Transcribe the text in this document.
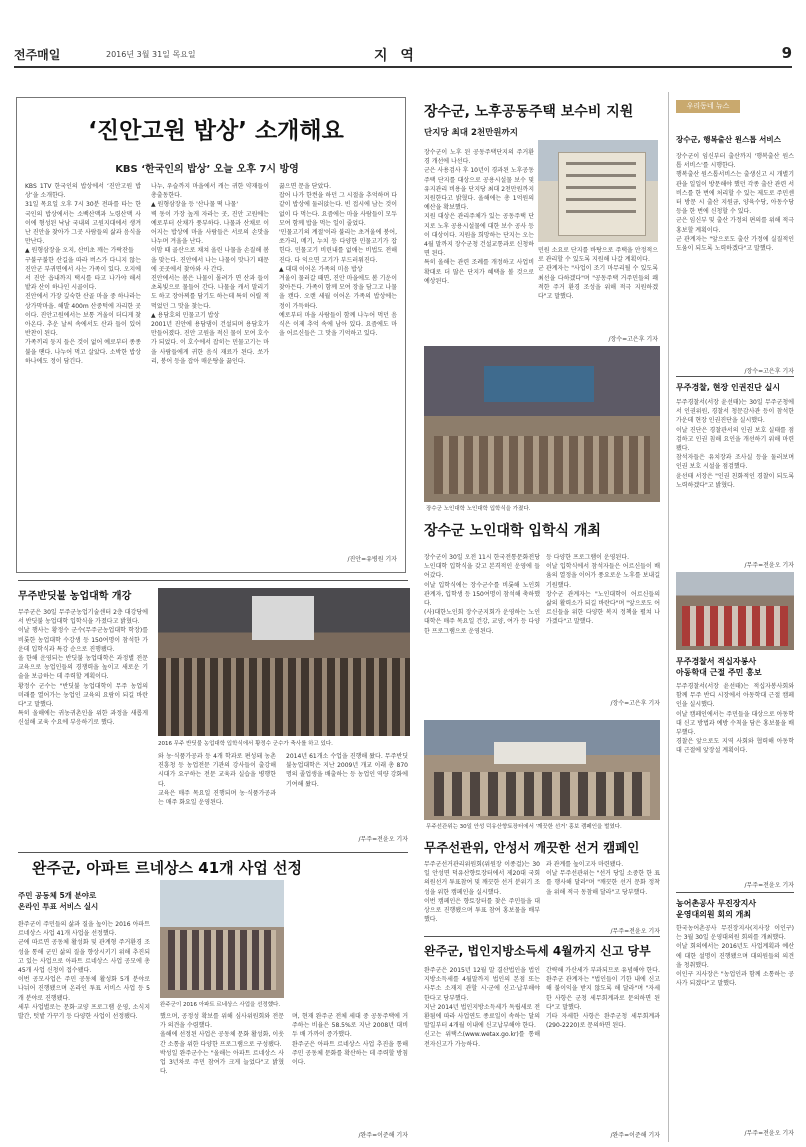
전주매일	2016년 3월 31일 목요일	지 역	9
‘진안고원 밥상’ 소개해요
KBS ‘한국인의 밥상’ 오늘 오후 7시 방영
KBS 1TV 한국인의 밥상에서 ‘진안고원 밥상’을 소개한다.
31일 목요일 오후 7시 30분 전파를 타는 한국인의 밥상에서는 소백산맥과 노령산맥 사이에 형성된 낙남 국내의 고원지대에서 생겨난 진안을 찾아가 그곳 사람들의 삶과 음식을 만난다.
▲ 원형삼장을 오지, 산비초 깨는 가락잔들
구불구불한 산길을 따라 버스가 다니지 않는 진안군 부귀면에서 사는 가족이 있다. 오지에서 진안 읍내까지 택시를 타고 나가야 해서 밭과 산이 하나인 시골이다.
진안에서 가장 깊숙한 산골 마을 중 하나라는 상가막마을. 해발 400m 산중턱에 자리한 곳이다. 진안고원에서는 보통 겨울이 더디게 찾아온다. 추운 날씨 속에서도 산과 들이 있어 반찬이 된다.
가족끼리 둥지 들은 것이 없어 예로부터 종종 불을 땐다. 나누어 먹고 살았다. 소박한 밥상 하나에도 정이 담긴다.
나누, 우슬까지 마을에서 캐는 귀한 약재들이 총출동한다.
▲ 원형삼장을 등 '산나물 떡 나물'
벽 동이 가장 높게 자라는 곳, 진안 고원에는 예로부터 산채가 풍부하다. 나물과 산채로 이어지는 밥상에 마을 사람들은 서로의 손맛을 나누며 겨울을 난다.
이맘 때 골산으로 채쳐 올린 나물을 손질해 봄을 맞는다. 진안에서 나는 나물이 맛나기 때문에 곳곳에서 찾아와 사 간다.
진안에서는 봄은 나물이 몰려가 면 산과 들이 초록빛으로 물들어 간다. 나물을 캐서 말리기도 하고 장아찌를 담기도 하는데 특히 어릴 적 먹었던 그 맛을 찾는다.
▲ 용담호의 민물고기 밥상
2001년 진안에 용담댐이 건설되며 용담호가 만들어졌다. 진안 고원을 적신 물이 모여 호수가 되었다. 이 호수에서 잡히는 민물고기는 마을 사람들에게 귀한 음식 재료가 된다. 쏘가리, 붕어 등을 잡아 매운탕을 끓인다.
끓으면 문을 닫았다.
잡어 나가 한켠을 하던 그 시절을 추억하며 다같이 밥상에 둘러앉는다. 빈 접시에 남는 것이 없이 다 먹는다. 요즘에는 마을 사람들이 모두 모여 함께 밥을 먹는 일이 줄었다.
'민물고기의 계절'이라 불리는 초겨울에 붕어, 쏘가리, 메기, 누치 등 다양한 민물고기가 잡힌다. 민물고기 비린내를 없애는 비법도 전해진다. 다 익으면 고기가 부드러워진다.
▲ 대대 이어온 가족의 미음 밥상
겨울이 물러갈 때면, 진안 마을에도 봄 기운이 찾아든다. 가족이 함께 모여 장을 담그고 나물을 캔다. 오랜 세월 이어온 가족의 밥상에는 정이 가득하다.
예로부터 마을 사람들이 함께 나누어 먹던 음식은 이제 추억 속에 남아 있다. 요즘에도 마을 어르신들은 그 맛을 기억하고 있다.
/진안=유병원 기자
장수군, 노후공동주택 보수비 지원
단지당 최대 2천만원까지
장수군이 노후 된 공동주택단지의 주거환경 개선에 나선다.
군은 사용검사 후 10년이 경과된 노후공동주택 단지를 대상으로 공용시설물 보수 및 유지관리 비용을 단지당 최대 2천만원까지 지원한다고 밝혔다. 올해에는 총 1억원의 예산을 확보했다.
지원 대상은 관리주체가 있는 공동주택 단지로 노후 공용시설물에 대한 보수 공사 등이 대상이다. 지원을 희망하는 단지는 오는 4월 말까지 장수군청 건설교통과로 신청하면 된다.
특히 올해는 관련 조례를 개정하고 사업비 확대로 더 많은 단지가 혜택을 볼 것으로 예상된다.
민원 소요로 단지를 바탕으로 주택을 안정적으로 관리할 수 있도록 지원해 나갈 계획이다.
군 관계자는 "사업이 조기 마무리될 수 있도록 최선을 다하겠다"며 "공동주택 거주민들의 쾌적한 주거 환경 조성을 위해 적극 지원하겠다"고 말했다.
/장수=고은후 기자
장수군 노인대학 노인대학 입학식을 가졌다.
장수군 노인대학 입학식 개최
장수군이 30일 오전 11시 한국전통문화전당 노인대학 입학식을 갖고 본격적인 운영에 들어갔다.
이날 입학식에는 장수군수를 비롯해 노인회 관계자, 입학생 등 150여명이 참석해 축하했다.
(사)대한노인회 장수군지회가 운영하는 노인대학은 매주 목요일 건강, 교양, 여가 등 다양한 프로그램으로 운영된다.
등 다양한 프로그램이 운영된다.
이날 입학식에서 참석자들은 어르신들이 배움의 열정을 이어가 풍요로운 노후를 보내길 기원했다.
장수군 관계자는 "노인대학이 어르신들의 삶의 활력소가 되길 바란다"며 "앞으로도 어르신들을 위한 다양한 복지 정책을 펼쳐 나가겠다"고 말했다.
/장수=고은후 기자
무주반딧불 농업대학 개강
무주군은 30일 무주군농업기술센터 2층 대강당에서 반딧불 농업대학 입학식을 가졌다고 밝혔다.
이날 행사는 황정수 군수(무주군농업대학 학장)를 비롯한 농업대학 수강생 등 150여명이 참석한 가운데 입학식과 특강 순으로 진행됐다.
올 한해 운영되는 반딧불 농업대학은 과정별 전문 교육으로 농업인들의 경쟁력을 높이고 새로운 기술을 보급하는 데 주력할 계획이다.
황정수 군수는 "반딧불 농업대학이 무주 농업의 미래를 열어가는 농업인 교육의 요람이 되길 바란다"고 말했다.
특히 올해에는 귀농귀촌인을 위한 과정을 새롭게 신설해 교육 수요에 부응하기로 했다.
2016 무주 반딧불 농업대학 입학식에서 황정수 군수가 축사를 하고 있다.
와 농·식품가공과 등 4개 학과로 편성돼 농촌진흥청 등 농업전문 기관의 강사들이 출강해 시대가 요구하는 전문 교육과 실습을 병행한다.
교육은 매주 목요일 진행되며 농·식품가공과는 매주 화요일 운영된다.
2014년 61개소 수업을 진행해 왔다. 무주반딧불농업대학은 지난 2009년 개교 이래 총 870명의 졸업생을 배출하는 등 농업인 역량 강화에 기여해 왔다.
/무주=전윤오 기자
완주군, 아파트 르네상스 41개 사업 선정
주민 공동체 5개 분야로
온라인 투표 서비스 실시
완주군이 주민들의 삶과 질을 높이는 2016 아파트 르네상스 사업 41개 사업을 선정했다.
군에 따르면 공동체 활성화 및 관계형 주거환경 조성을 통해 군민 삶의 질을 향상시키기 위해 추진되고 있는 사업으로 아파트 르네상스 사업 공모에 총 45개 사업 신청이 접수됐다.
이번 공모사업은 주민 공동체 활성화 5개 분야로 나뉘어 진행됐으며 온라인 투표 서비스 사업 등 5개 분야로 진행됐다.
세부 사업별로는 문화·교양 프로그램 운영, 소식지 발간, 텃밭 가꾸기 등 다양한 사업이 선정됐다.
완주군이 2016 아파트 르네상스 사업을 선정했다.
했으며, 공정성 확보를 위해 심사위원회와 전문가 의견을 수렴했다.
올해에 선정된 사업은 공동체 문화 활성화, 이웃 간 소통을 위한 다양한 프로그램으로 구성됐다.
박성일 완주군수는 "올해는 아파트 르네상스 사업 3년차로 주민 참여가 크게 늘었다"고 밝혔다.
며, 현재 완주군 전체 세대 중 공동주택에 거주하는 비율은 58.5%로 지난 2008년 대비 두 배 가까이 증가했다.
완주군은 아파트 르네상스 사업 추진을 통해 주민 공동체 문화를 확산하는 데 주력할 방침이다.
/완주=이준해 기자
무주선관위는 30일 안성 덕유산향토장터에서 '깨끗한 선거' 홍보 캠페인을 벌였다.
무주선관위, 안성서 깨끗한 선거 캠페인
무주군선거관리위원회(위원장 이종걸)는 30일 안성면 덕유산향토장터에서 제20대 국회의원선거 투표참여 및 깨끗한 선거 분위기 조성을 위한 캠페인을 실시했다.
이번 캠페인은 향토장터를 찾은 주민들을 대상으로 진행됐으며 투표 참여 홍보물을 배부했다.
과 관계를 높이고자 마련됐다.
이날 무주선관위는 "선거 당일 소중한 한 표를 행사해 달라"며 "깨끗한 선거 문화 정착을 위해 적극 동참해 달라"고 당부했다.
/무주=전윤오 기자
완주군, 법인지방소득세 4월까지 신고 당부
완주군은 2015년 12월 말 결산법인을 법인지방소득세를 4월말까지 법인의 본점 또는 사무소 소재지 관할 시·군에 신고·납부해야 한다고 당부했다.
지난 2014년 법인지방소득세가 독립세로 전환됨에 따라 사업연도 종료일이 속하는 달의 말일부터 4개월 이내에 신고납부해야 한다.
신고는 위택스(www.wetax.go.kr)를 통해 전자신고가 가능하다.
간략해 가산세가 부과되므로 유념해야 한다.
완주군 관계자는 "법인들이 기한 내에 신고해 불이익을 받지 않도록 해 달라"며 "자세한 사항은 군청 세무회계과로 문의하면 된다"고 말했다.
기타 자세한 사항은 완주군청 세무회계과(290-2220)로 문의하면 된다.
/완주=이준해 기자
우리동네 뉴스
장수군, 행복출산 원스톱 서비스
장수군이 임신부터 출산까지 '행복출산 원스톱 서비스'를 시행한다.
행복출산 원스톱서비스는 출생신고 시 개별기관을 일일이 방문해야 했던 각종 출산 관련 서비스를 한 번에 처리할 수 있는 제도로 주민센터 방문 시 출산 지원금, 양육수당, 아동수당 등을 한 번에 신청할 수 있다.
군은 임신부 및 출산 가정의 편의를 위해 적극 홍보할 계획이다.
군 관계자는 "앞으로도 출산 가정에 실질적인 도움이 되도록 노력하겠다"고 말했다.
/장수=고은후 기자
무주경찰, 현장 인권진단 실시
무주경찰서(서장 윤선태)는 30일 무주군청에서 인권위원, 경찰서 청문감사관 등이 참석한 가운데 현장 인권진단을 실시했다.
이날 진단은 경찰관서의 인권 보호 실태를 점검하고 인권 침해 요인을 개선하기 위해 마련됐다.
참석자들은 유치장과 조사실 등을 둘러보며 인권 보호 시설을 점검했다.
윤선태 서장은 "인권 친화적인 경찰이 되도록 노력하겠다"고 밝혔다.
/무주=전윤오 기자
무주경찰서 적십자봉사
아동학대 근절 주민 홍보
무주경찰서(서장 윤선태)는 적십자봉사회와 함께 무주 반디 시장에서 아동학대 근절 캠페인을 실시했다.
이날 캠페인에서는 주민들을 대상으로 아동학대 신고 방법과 예방 수칙을 담은 홍보물을 배부했다.
경찰은 앞으로도 지역 사회와 협력해 아동학대 근절에 앞장설 계획이다.
/무주=전윤오 기자
농어촌공사 무진장지사
운영대의원 회의 개최
한국농어촌공사 무진장지사(지사장 이인구)는 3월 30일 운영대의원 회의를 개최했다.
이날 회의에서는 2016년도 사업계획과 예산에 대한 설명이 진행됐으며 대의원들의 의견을 청취했다.
이인구 지사장은 "농업인과 함께 소통하는 공사가 되겠다"고 말했다.
/무주=전윤오 기자
